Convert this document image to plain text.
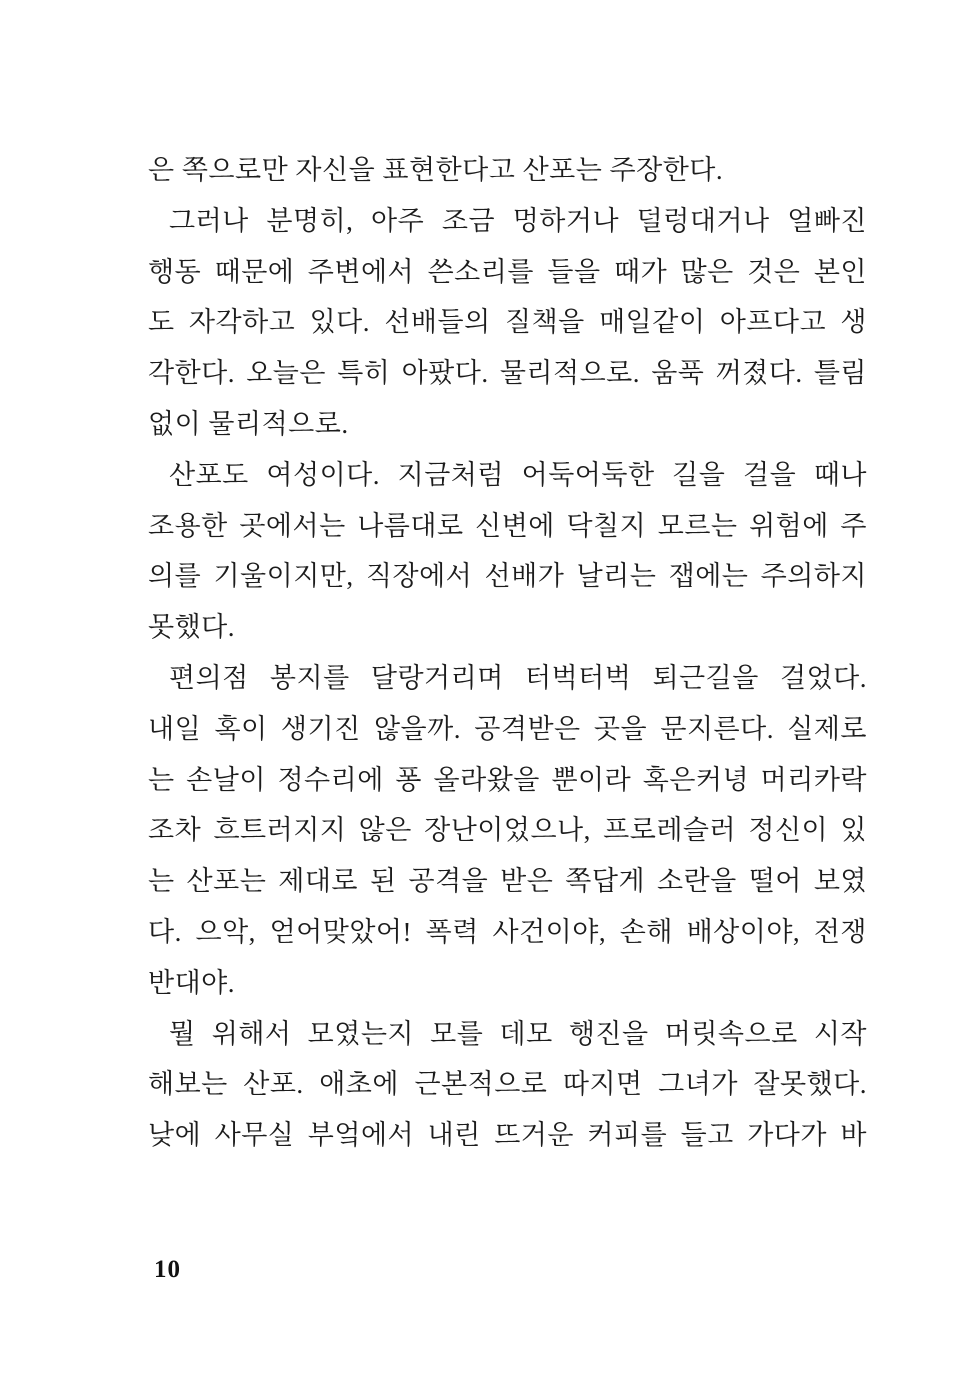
은 쪽으로만 자신을 표현한다고 산포는 주장한다.
그러나 분명히, 아주 조금 멍하거나 덜렁대거나 얼빠진
행동 때문에 주변에서 쓴소리를 들을 때가 많은 것은 본인
도 자각하고 있다. 선배들의 질책을 매일같이 아프다고 생
각한다. 오늘은 특히 아팠다. 물리적으로. 움푹 꺼졌다. 틀림
없이 물리적으로.
산포도 여성이다. 지금처럼 어둑어둑한 길을 걸을 때나
조용한 곳에서는 나름대로 신변에 닥칠지 모르는 위험에 주
의를 기울이지만, 직장에서 선배가 날리는 잽에는 주의하지
못했다.
편의점 봉지를 달랑거리며 터벅터벅 퇴근길을 걸었다.
내일 혹이 생기진 않을까. 공격받은 곳을 문지른다. 실제로
는 손날이 정수리에 퐁 올라왔을 뿐이라 혹은커녕 머리카락
조차 흐트러지지 않은 장난이었으나, 프로레슬러 정신이 있
는 산포는 제대로 된 공격을 받은 쪽답게 소란을 떨어 보였
다. 으악, 얻어맞았어! 폭력 사건이야, 손해 배상이야, 전쟁
반대야.
뭘 위해서 모였는지 모를 데모 행진을 머릿속으로 시작
해보는 산포. 애초에 근본적으로 따지면 그녀가 잘못했다.
낮에 사무실 부엌에서 내린 뜨거운 커피를 들고 가다가 바
10
